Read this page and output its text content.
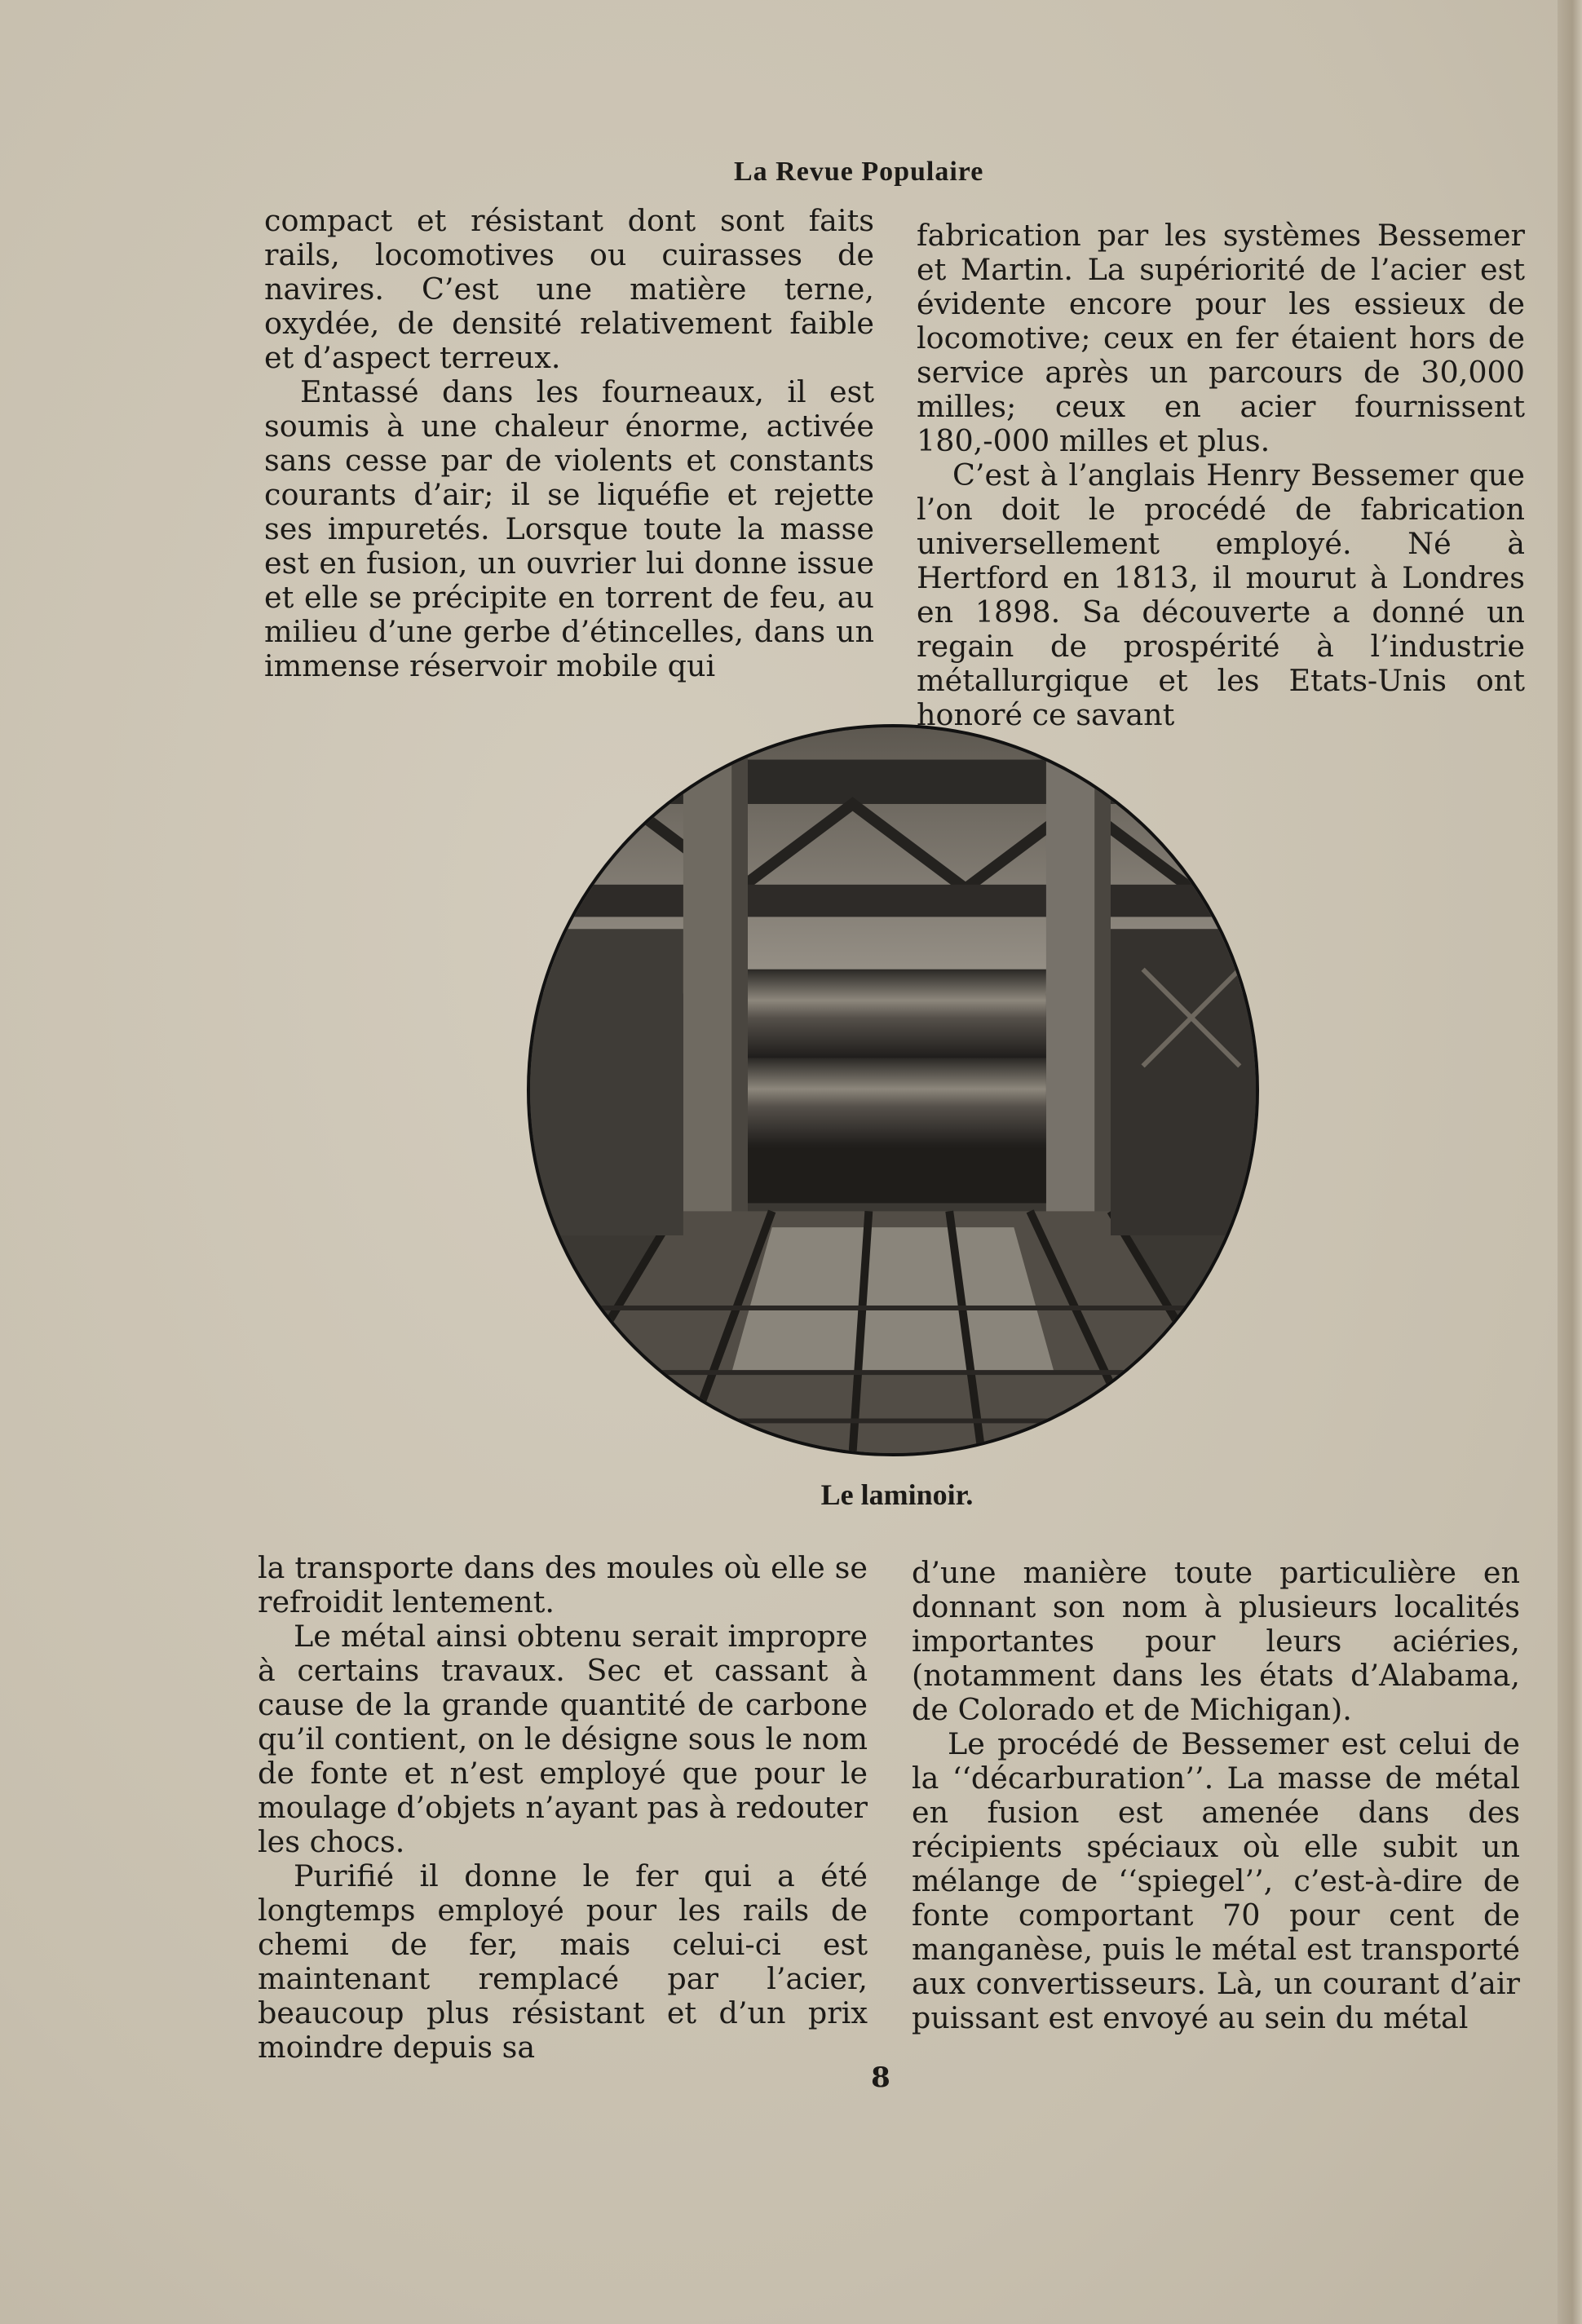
La Revue Populaire

compact et résistant dont sont faits rails, locomotives ou cuirasses de navires. C’est une matière terne, oxydée, de densité relativement faible et d’aspect terreux.

Entassé dans les fourneaux, il est soumis à une chaleur énorme, activée sans cesse par de violents et constants courants d’air; il se liquéfie et rejette ses impuretés. Lorsque toute la masse est en fusion, un ouvrier lui donne issue et elle se précipite en torrent de feu, au milieu d’une gerbe d’étincelles, dans un immense réservoir mobile qui

fabrication par les systèmes Bessemer et Martin. La supériorité de l’acier est évidente encore pour les essieux de locomotive; ceux en fer étaient hors de service après un parcours de 30,000 milles; ceux en acier fournissent 180,-000 milles et plus.

C’est à l’anglais Henry Bessemer que l’on doit le procédé de fabrication universellement employé. Né à Hertford en 1813, il mourut à Londres en 1898. Sa découverte a donné un regain de prospérité à l’industrie métallurgique et les Etats-Unis ont honoré ce savant

Le laminoir.

la transporte dans des moules où elle se refroidit lentement.

Le métal ainsi obtenu serait impropre à certains travaux. Sec et cassant à cause de la grande quantité de carbone qu’il contient, on le désigne sous le nom de fonte et n’est employé que pour le moulage d’objets n’ayant pas à redouter les chocs.

Purifié il donne le fer qui a été longtemps employé pour les rails de chemi de fer, mais celui-ci est maintenant remplacé par l’acier, beaucoup plus résistant et d’un prix moindre depuis sa

d’une manière toute particulière en donnant son nom à plusieurs localités importantes pour leurs aciéries, (notamment dans les états d’Alabama, de Colorado et de Michigan).

Le procédé de Bessemer est celui de la ‘‘décarburation’’. La masse de métal en fusion est amenée dans des récipients spéciaux où elle subit un mélange de ‘‘spiegel’’, c’est-à-dire de fonte comportant 70 pour cent de manganèse, puis le métal est transporté aux convertisseurs. Là, un courant d’air puissant est envoyé au sein du métal

8
